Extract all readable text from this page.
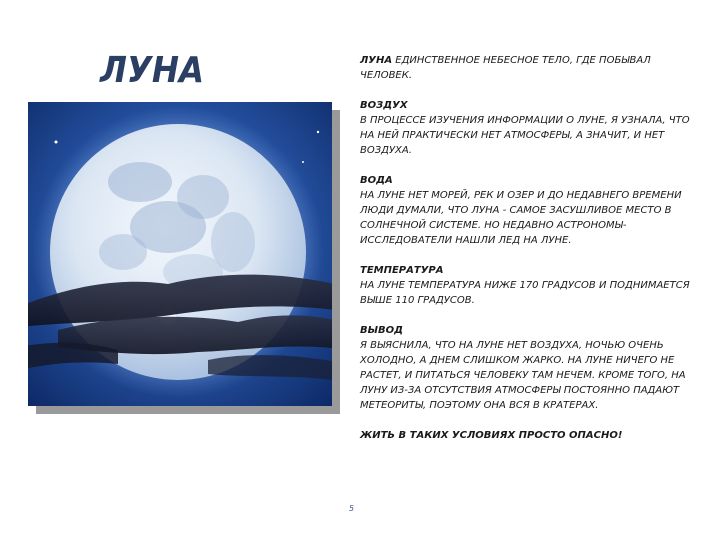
ЛУНА	ЛУНА ЕДИНСТВЕННОЕ НЕБЕСНОЕ ТЕЛО, ГДЕ ПОБЫВАЛ ЧЕЛОВЕК.

ВОЗДУХ
В ПРОЦЕССЕ ИЗУЧЕНИЯ ИНФОРМАЦИИ О ЛУНЕ, Я УЗНАЛА, ЧТО НА НЕЙ ПРАКТИЧЕСКИ НЕТ АТМОСФЕРЫ, А ЗНАЧИТ, И НЕТ ВОЗДУХА.

ВОДА
НА ЛУНЕ НЕТ МОРЕЙ, РЕК И ОЗЕР И ДО НЕДАВНЕГО ВРЕМЕНИ ЛЮДИ ДУМАЛИ, ЧТО ЛУНА - САМОЕ ЗАСУШЛИВОЕ МЕСТО В СОЛНЕЧНОЙ СИСТЕМЕ. НО НЕДАВНО АСТРОНОМЫ-ИССЛЕДОВАТЕЛИ НАШЛИ ЛЕД НА ЛУНЕ.

ТЕМПЕРАТУРА
НА ЛУНЕ ТЕМПЕРАТУРА НИЖЕ 170 ГРАДУСОВ И ПОДНИМАЕТСЯ ВЫШЕ 110 ГРАДУСОВ.

ВЫВОД
Я ВЫЯСНИЛА, ЧТО НА ЛУНЕ НЕТ ВОЗДУХА, НОЧЬЮ ОЧЕНЬ ХОЛОДНО, А ДНЕМ СЛИШКОМ ЖАРКО. НА ЛУНЕ НИЧЕГО НЕ РАСТЕТ, И ПИТАТЬСЯ ЧЕЛОВЕКУ ТАМ НЕЧЕМ. КРОМЕ ТОГО, НА ЛУНУ ИЗ-ЗА ОТСУТСТВИЯ АТМОСФЕРЫ ПОСТОЯННО ПАДАЮТ МЕТЕОРИТЫ, ПОЭТОМУ ОНА ВСЯ В КРАТЕРАХ.

ЖИТЬ В ТАКИХ УСЛОВИЯХ ПРОСТО ОПАСНО!

5
